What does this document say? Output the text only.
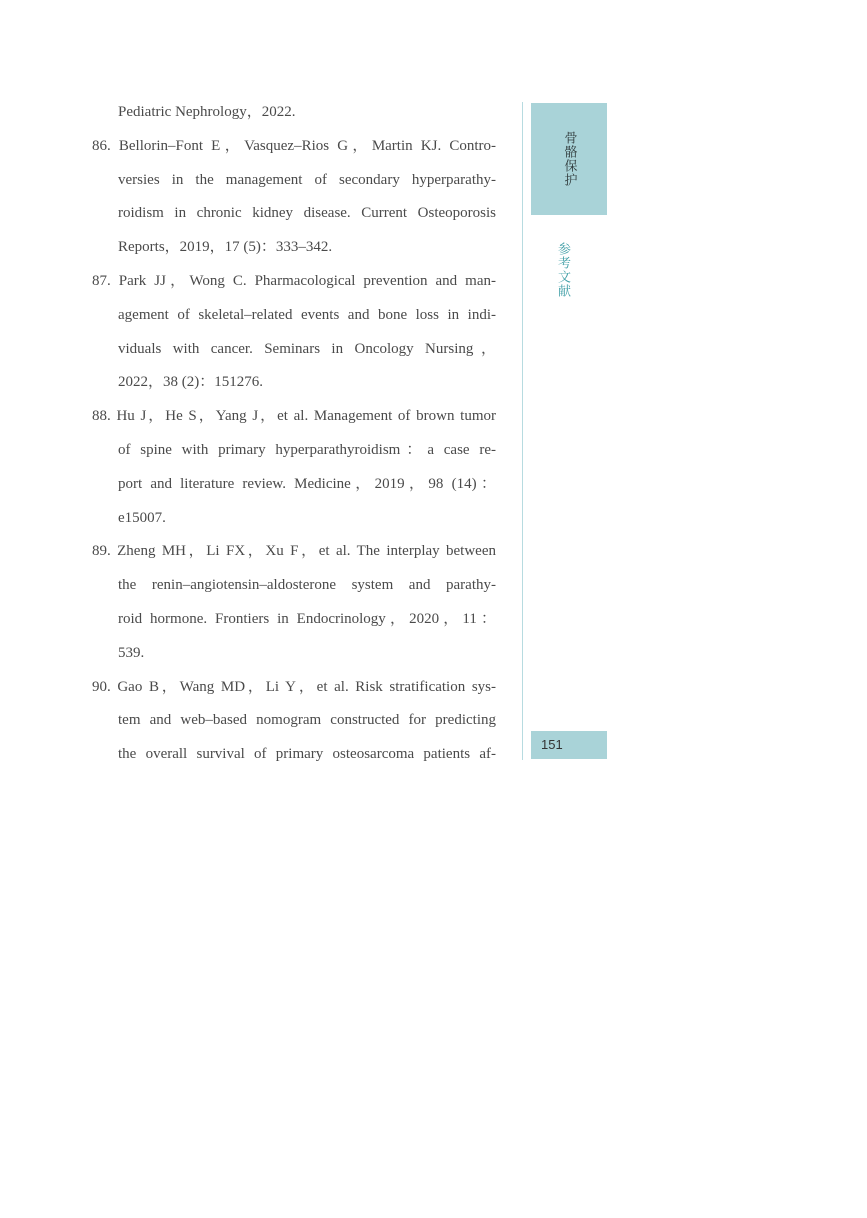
Pediatric Nephrology，2022.
86. Bellorin–Font E，Vasquez–Rios G，Martin KJ. Contro-
versies in the management of secondary hyperparathy-
roidism in chronic kidney disease. Current Osteoporosis
Reports，2019，17 (5)：333–342.
87. Park JJ，Wong C. Pharmacological prevention and man-
agement of skeletal–related events and bone loss in indi-
viduals with cancer. Seminars in Oncology Nursing，
2022，38 (2)：151276.
88. Hu J，He S，Yang J，et al. Management of brown tumor
of spine with primary hyperparathyroidism：a case re-
port and literature review. Medicine，2019，98 (14)：
e15007.
89. Zheng MH，Li FX，Xu F，et al. The interplay between
the renin–angiotensin–aldosterone system and parathy-
roid hormone. Frontiers in Endocrinology，2020，11：
539.
90. Gao B，Wang MD，Li Y，et al. Risk stratification sys-
tem and web–based nomogram constructed for predicting
the overall survival of primary osteosarcoma patients af-
骨骼保护
参考文献
151
